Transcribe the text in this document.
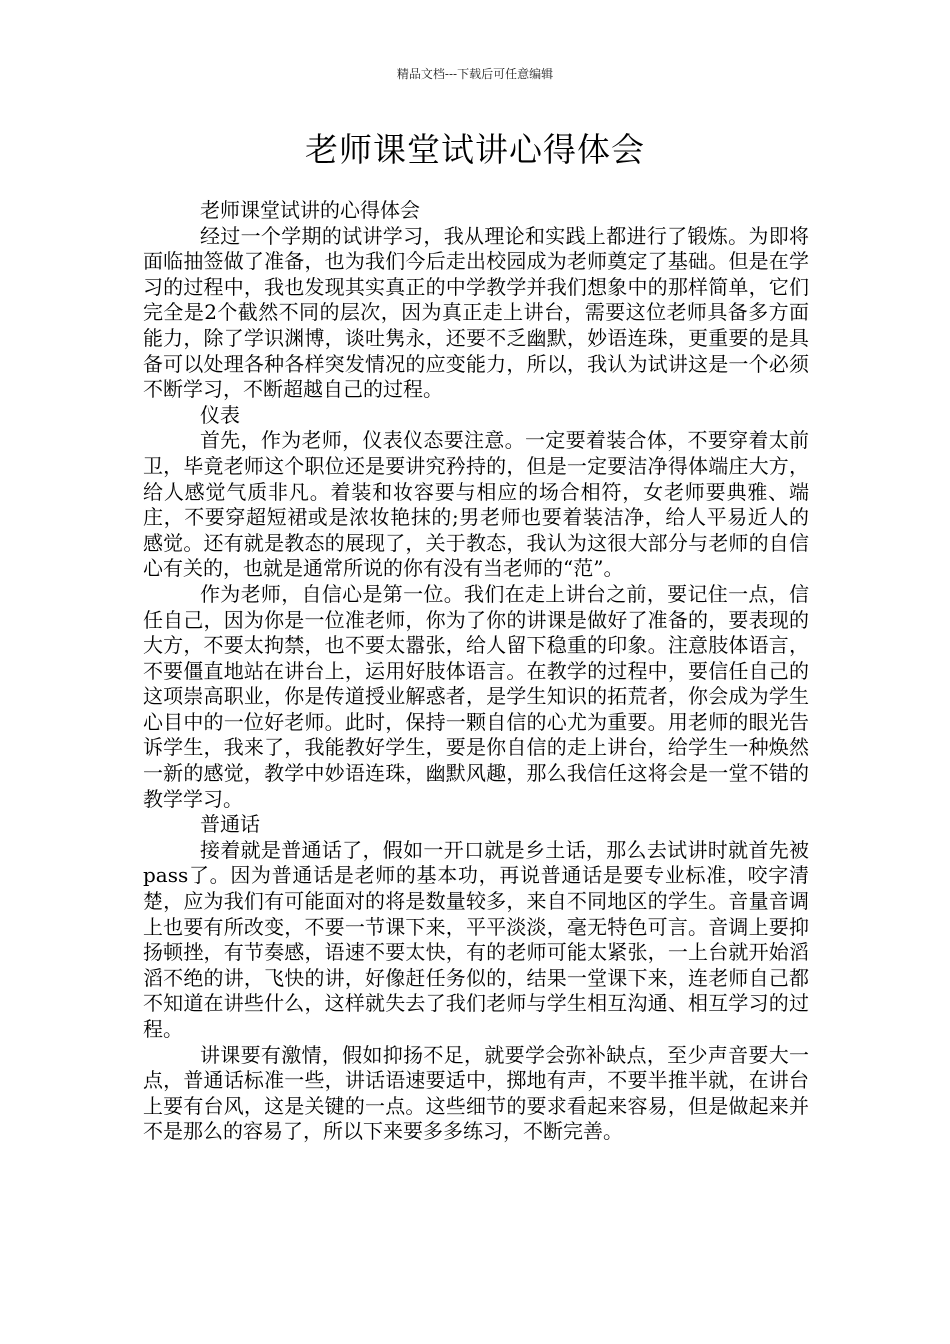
精品文档---下载后可任意编辑
老师课堂试讲心得体会

老师课堂试讲的心得体会

经过一个学期的试讲学习，我从理论和实践上都进行了锻炼。为即将面临抽签做了准备，也为我们今后走出校园成为老师奠定了基础。但是在学习的过程中，我也发现其实真正的中学教学并我们想象中的那样简单，它们完全是2个截然不同的层次，因为真正走上讲台，需要这位老师具备多方面能力，除了学识渊博，谈吐隽永，还要不乏幽默，妙语连珠，更重要的是具备可以处理各种各样突发情况的应变能力，所以，我认为试讲这是一个必须不断学习，不断超越自己的过程。

仪表

首先，作为老师，仪表仪态要注意。一定要着装合体，不要穿着太前卫，毕竟老师这个职位还是要讲究矜持的，但是一定要洁净得体端庄大方，给人感觉气质非凡。着装和妆容要与相应的场合相符，女老师要典雅、端庄，不要穿超短裙或是浓妆艳抹的;男老师也要着装洁净，给人平易近人的感觉。还有就是教态的展现了，关于教态，我认为这很大部分与老师的自信心有关的，也就是通常所说的你有没有当老师的“范”。

作为老师，自信心是第一位。我们在走上讲台之前，要记住一点，信任自己，因为你是一位准老师，你为了你的讲课是做好了准备的，要表现的大方，不要太拘禁，也不要太嚣张，给人留下稳重的印象。注意肢体语言，不要僵直地站在讲台上，运用好肢体语言。在教学的过程中，要信任自己的这项崇高职业，你是传道授业解惑者，是学生知识的拓荒者，你会成为学生心目中的一位好老师。此时，保持一颗自信的心尤为重要。用老师的眼光告诉学生，我来了，我能教好学生，要是你自信的走上讲台，给学生一种焕然一新的感觉，教学中妙语连珠，幽默风趣，那么我信任这将会是一堂不错的教学学习。

普通话

接着就是普通话了，假如一开口就是乡土话，那么去试讲时就首先被pass了。因为普通话是老师的基本功，再说普通话是要专业标准，咬字清楚，应为我们有可能面对的将是数量较多，来自不同地区的学生。音量音调上也要有所改变，不要一节课下来，平平淡淡，毫无特色可言。音调上要抑扬顿挫，有节奏感，语速不要太快，有的老师可能太紧张，一上台就开始滔滔不绝的讲，飞快的讲，好像赶任务似的，结果一堂课下来，连老师自己都不知道在讲些什么，这样就失去了我们老师与学生相互沟通、相互学习的过程。

讲课要有激情，假如抑扬不足，就要学会弥补缺点，至少声音要大一点，普通话标准一些，讲话语速要适中，掷地有声，不要半推半就，在讲台上要有台风，这是关键的一点。这些细节的要求看起来容易，但是做起来并不是那么的容易了，所以下来要多多练习，不断完善。
